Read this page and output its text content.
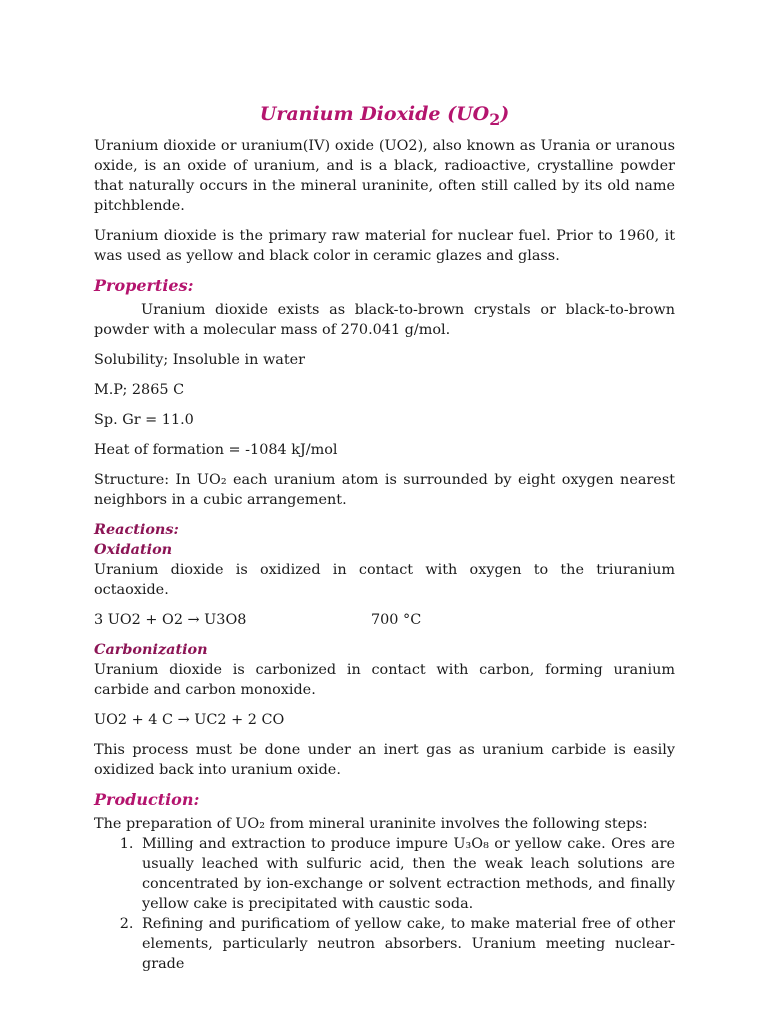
Uranium Dioxide $(UO_2)$

Uranium dioxide or uranium(IV) oxide (UO2), also known as Urania or uranous oxide, is an oxide of uranium, and is a black, radioactive, crystalline powder that naturally occurs in the mineral uraninite, often still called by its old name pitchblende.

Uranium dioxide is the primary raw material for nuclear fuel. Prior to 1960, it was used as yellow and black color in ceramic glazes and glass.

Properties:

Uranium dioxide exists as black-to-brown crystals or black-to-brown powder with a molecular mass of 270.041 g/mol.

Solubility; Insoluble in water

M.P; 2865 C

Sp. Gr = 11.0

Heat of formation = -1084 kJ/mol

Structure: In UO₂ each uranium atom is surrounded by eight oxygen nearest neighbors in a cubic arrangement.

Reactions:
Oxidation

Uranium dioxide is oxidized in contact with oxygen to the triuranium octaoxide.

3 UO2 + O2 → U3O8	700 °C
Carbonization

Uranium dioxide is carbonized in contact with carbon, forming uranium carbide and carbon monoxide.

UO2 + 4 C → UC2 + 2 CO

This process must be done under an inert gas as uranium carbide is easily oxidized back into uranium oxide.

Production:
The preparation of UO₂ from mineral uraninite involves the following steps:
1. Milling and extraction to produce impure U₃O₈ or yellow cake. Ores are usually leached with sulfuric acid, then the weak leach solutions are concentrated by ion-exchange or solvent ectraction methods, and finally yellow cake is precipitated with caustic soda.
2. Refining and purificatiom of yellow cake, to make material free of other elements, particularly neutron absorbers. Uranium meeting nuclear-grade
